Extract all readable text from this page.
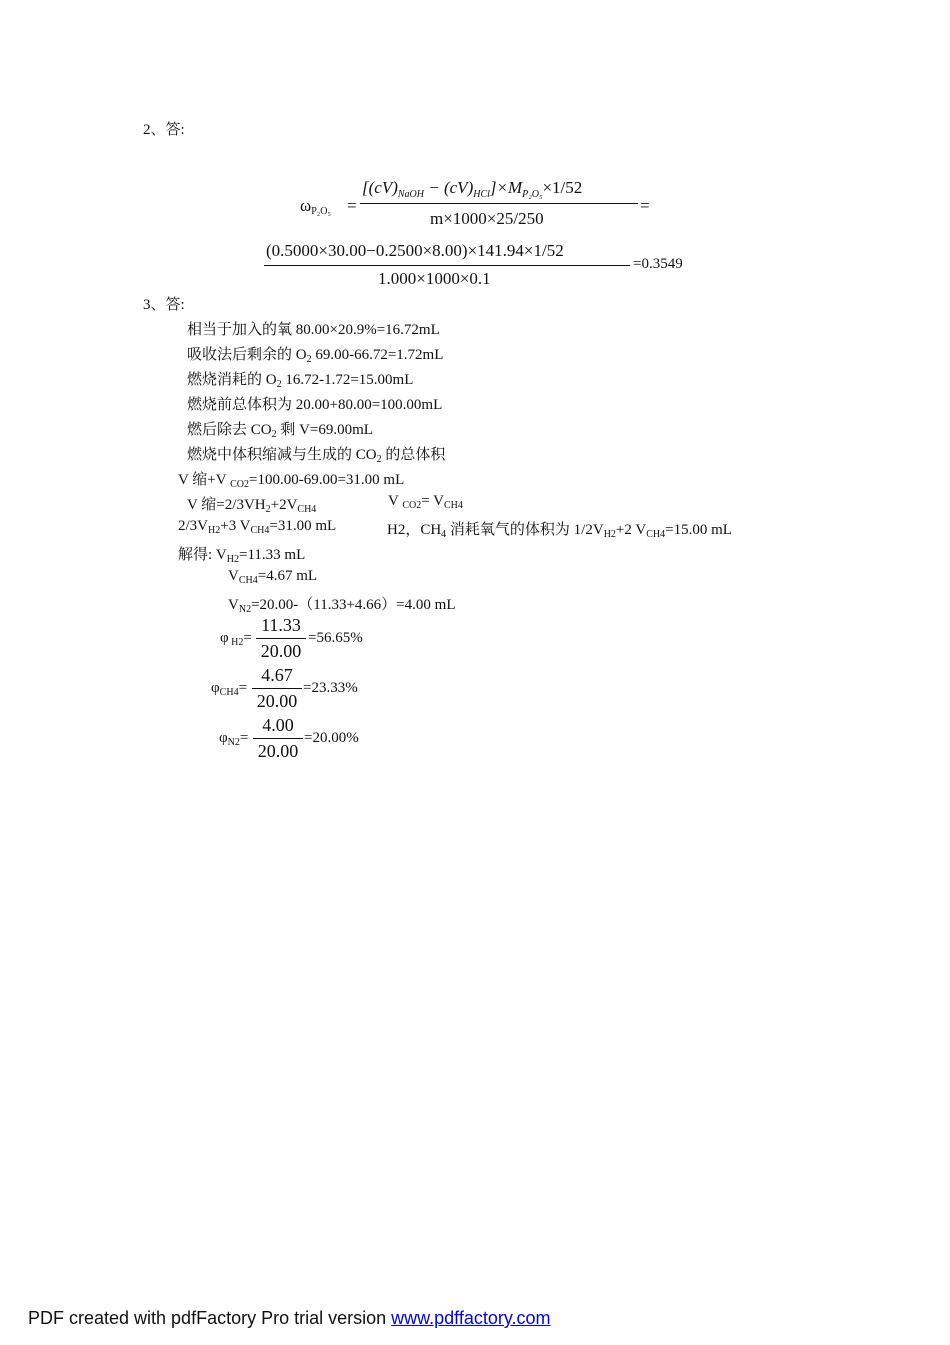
2、答:
$\omega_{P_2O_5}$ =
$[(cV)_{NaOH} - (cV)_{HCl}]\times M_{P_2O_5}\times 1/52$
m×1000×25/250
=
(0.5000×30.00−0.2500×8.00)×141.94×1/52
1.000×1000×0.1
=0.3549
3、答:
相当于加入的氧 80.00×20.9%=16.72mL
吸收法后剩余的 $O_2$ 69.00-66.72=1.72mL
燃烧消耗的 $O_2$ 16.72-1.72=15.00mL
燃烧前总体积为 20.00+80.00=100.00mL
燃后除去 $CO_2$ 剩 V=69.00mL
燃烧中体积缩减与生成的 $CO_2$ 的总体积
V 缩+V $_{CO2}$=100.00-69.00=31.00 mL
V 缩$=2/3VH_2+2V_{CH4}$
V $_{CO2}= V_{CH4}$
$2/3V_{H2}+3$ $V_{CH4}=31.00$ mL	H2，$CH_4$ 消耗氧气的体积为 $1/2V_{H2}+2$ $V_{CH4}=15.00$ mL
解得: $V_{H2}=11.33$ mL
$V_{CH4}=4.67$ mL
$V_{N2}=20.00-(11.33+4.66)=4.00$ mL
φ $_{H2}$=
11.33
20.00
=56.65%
$\varphi_{CH4}=$
4.67
20.00
=23.33%
$\varphi_{N2}=$
4.00
20.00
=20.00%
PDF created with pdfFactory Pro trial version www.pdffactory.com
